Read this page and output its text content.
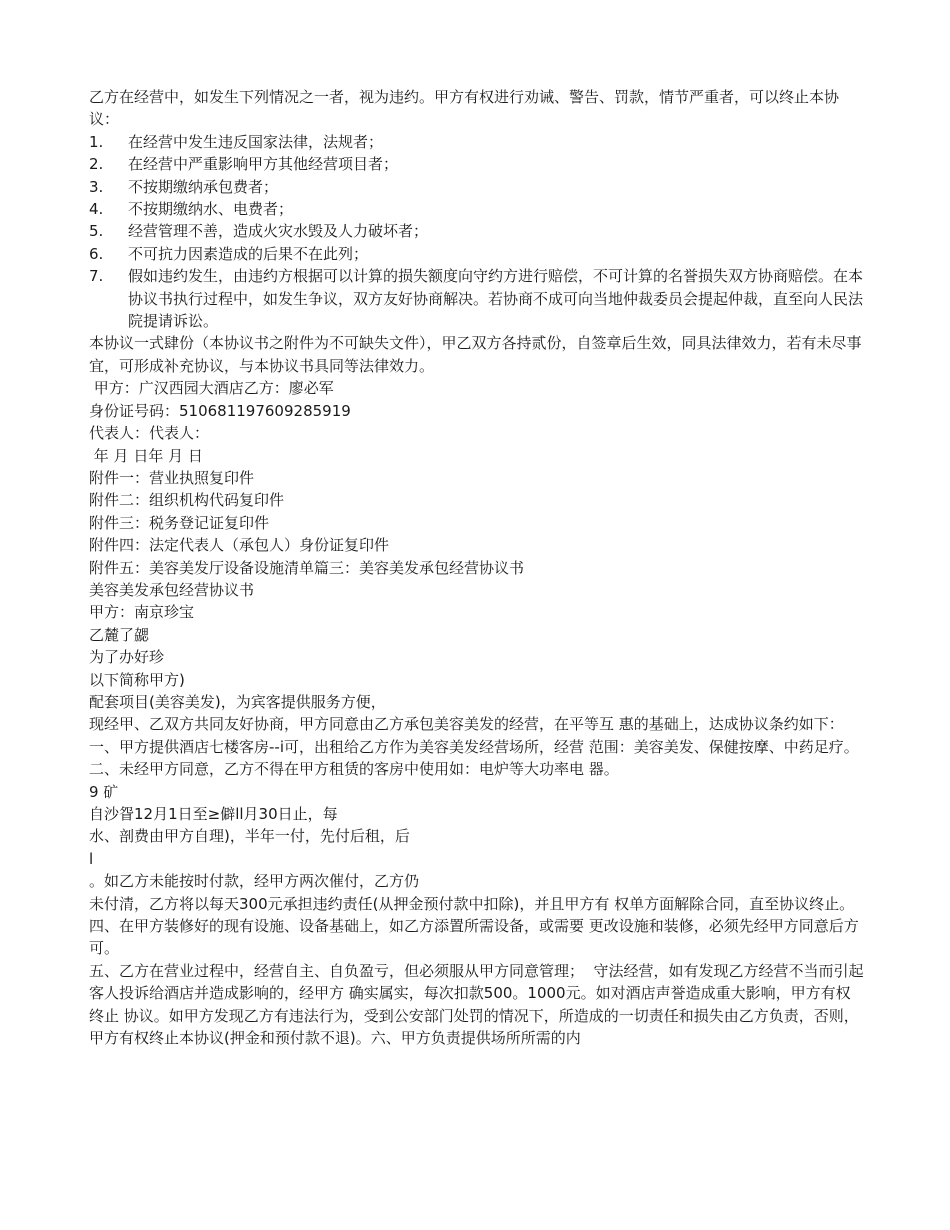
乙方在经营中，如发生下列情况之一者，视为违约。甲方有权进行劝诫、警告、罚款，情节严重者，可以终止本协议：

1.	在经营中发生违反国家法律，法规者；
2.	在经营中严重影响甲方其他经营项目者；
3.	不按期缴纳承包费者；
4.	不按期缴纳水、电费者；
5.	经营管理不善，造成火灾水毁及人力破坏者；
6.	不可抗力因素造成的后果不在此列；
7.	假如违约发生，由违约方根据可以计算的损失额度向守约方进行赔偿，不可计算的名誉损失双方协商赔偿。在本协议书执行过程中，如发生争议，双方友好协商解决。若协商不成可向当地仲裁委员会提起仲裁，直至向人民法院提请诉讼。

本协议一式肆份（本协议书之附件为不可缺失文件），甲乙双方各持贰份，自签章后生效，同具法律效力，若有未尽事宜，可形成补充协议，与本协议书具同等法律效力。

甲方：广汉西园大酒店乙方：廖必军

身份证号码：510681197609285919

代表人：代表人：

年 月 日年 月 日

附件一：营业执照复印件

附件二：组织机构代码复印件

附件三：税务登记证复印件

附件四：法定代表人（承包人）身份证复印件

附件五：美容美发厅设备设施清单篇三：美容美发承包经营协议书

美容美发承包经营协议书

甲方：南京珍宝

乙麓了勰

为了办好珍

以下简称甲方)

配套项目(美容美发)，为宾客提供服务方便，

现经甲、乙双方共同友好协商，甲方同意由乙方承包美容美发的经营，在平等互 惠的基础上，达成协议条约如下：

一、甲方提供酒店七楼客房--i可，出租给乙方作为美容美发经营场所，经营 范围：美容美发、保健按摩、中药足疗。

二、未经甲方同意，乙方不得在甲方租赁的客房中使用如：电炉等大功率电 器。

9 矿

自沙眢12月1日至≥僻ll月30日止，每

水、剖费由甲方自理)，半年一付，先付后租，后

l

。如乙方未能按时付款，经甲方两次催付，乙方仍

未付清，乙方将以每天300元承担违约责任(从押金预付款中扣除)，并且甲方有 权单方面解除合同，直至协议终止。

四、在甲方装修好的现有设施、设备基础上，如乙方添置所需设备，或需要 更改设施和装修，必须先经甲方同意后方可。

五、乙方在营业过程中，经营自主、自负盈亏，但必须服从甲方同意管理；  守法经营，如有发现乙方经营不当而引起客人投诉给酒店并造成影响的，经甲方 确实属实，每次扣款500。1000元。如对酒店声誉造成重大影响，甲方有权终止 协议。如甲方发现乙方有违法行为，受到公安部门处罚的情况下，所造成的一切责任和损失由乙方负责，否则，甲方有权终止本协议(押金和预付款不退)。六、甲方负责提供场所所需的内
